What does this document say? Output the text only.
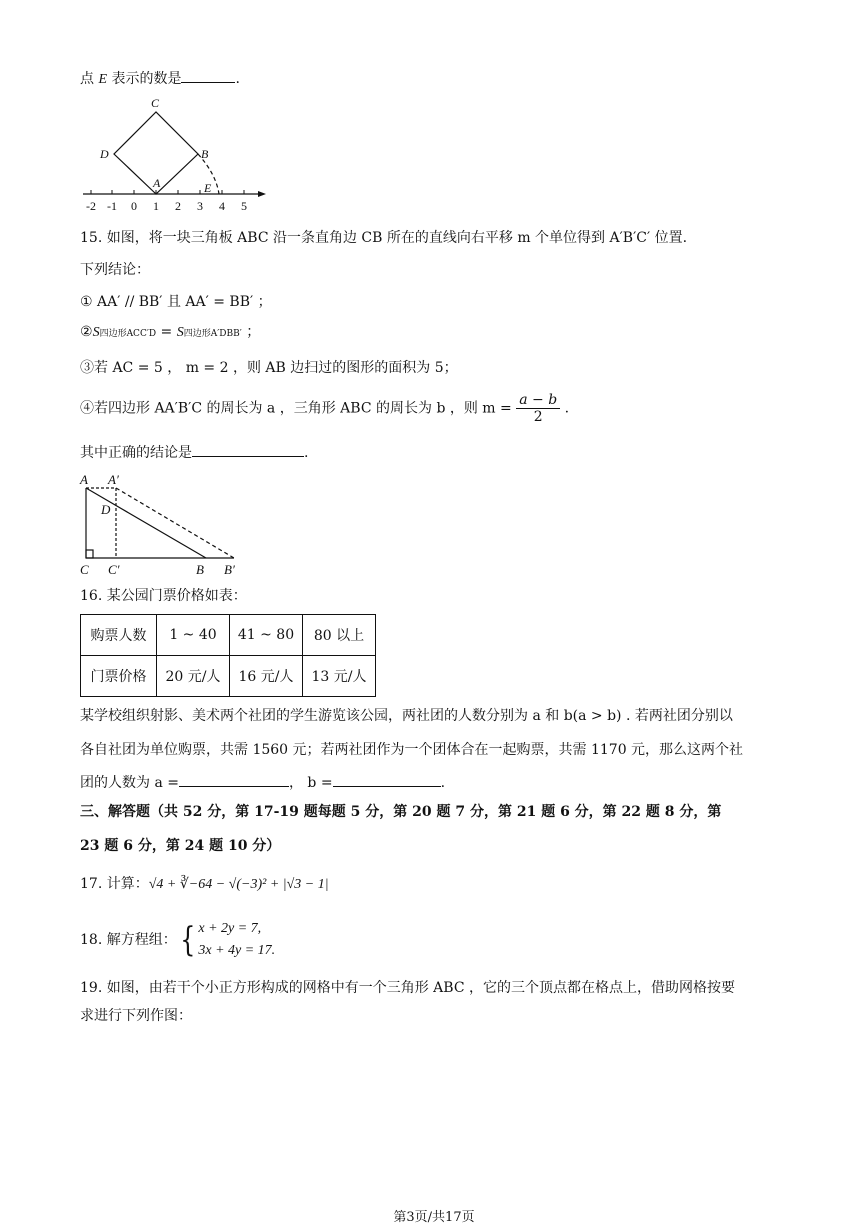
点 E 表示的数是	.
C
D	B
A	E
-2 -1 0 1 2 3 4 5
15. 如图，将一块三角板 ABC 沿一条直角边 CB 所在的直线向右平移 m 个单位得到 A′B′C′ 位置.
下列结论：
① AA′ // BB′ 且 AA′ = BB′ ；
②S四边形ACC′D = S四边形A′DBB′ ；
③若 AC = 5 ， m = 2 ，则 AB 边扫过的图形的面积为 5；
④若四边形 AA′B′C 的周长为 a ，三角形 ABC 的周长为 b ，则 $m = \frac{a - b}{2}$ .
其中正确的结论是	.
A A′
D
C C′	B B′
16. 某公园门票价格如表：
购票人数	1 ~ 40	41 ~ 80	80 以上
门票价格	20 元/人	16 元/人	13 元/人
某学校组织射影、美术两个社团的学生游览该公园，两社团的人数分别为 a 和 b(a > b) . 若两社团分别以
各自社团为单位购票，共需 1560 元；若两社团作为一个团体合在一起购票，共需 1170 元，那么这两个社
团的人数为 a =	， b =	.
三、解答题（共 52 分，第 17-19 题每题 5 分，第 20 题 7 分，第 21 题 6 分，第 22 题 8 分，第
23 题 6 分，第 24 题 10 分）
17. 计算：√4 + ∛−64 − √(−3)² + |√3 − 1|
18. 解方程组：{ x + 2y = 7,
3x + 4y = 17.
19. 如图，由若干个小正方形构成的网格中有一个三角形 ABC ，它的三个顶点都在格点上，借助网格按要
求进行下列作图：
第3页/共17页
